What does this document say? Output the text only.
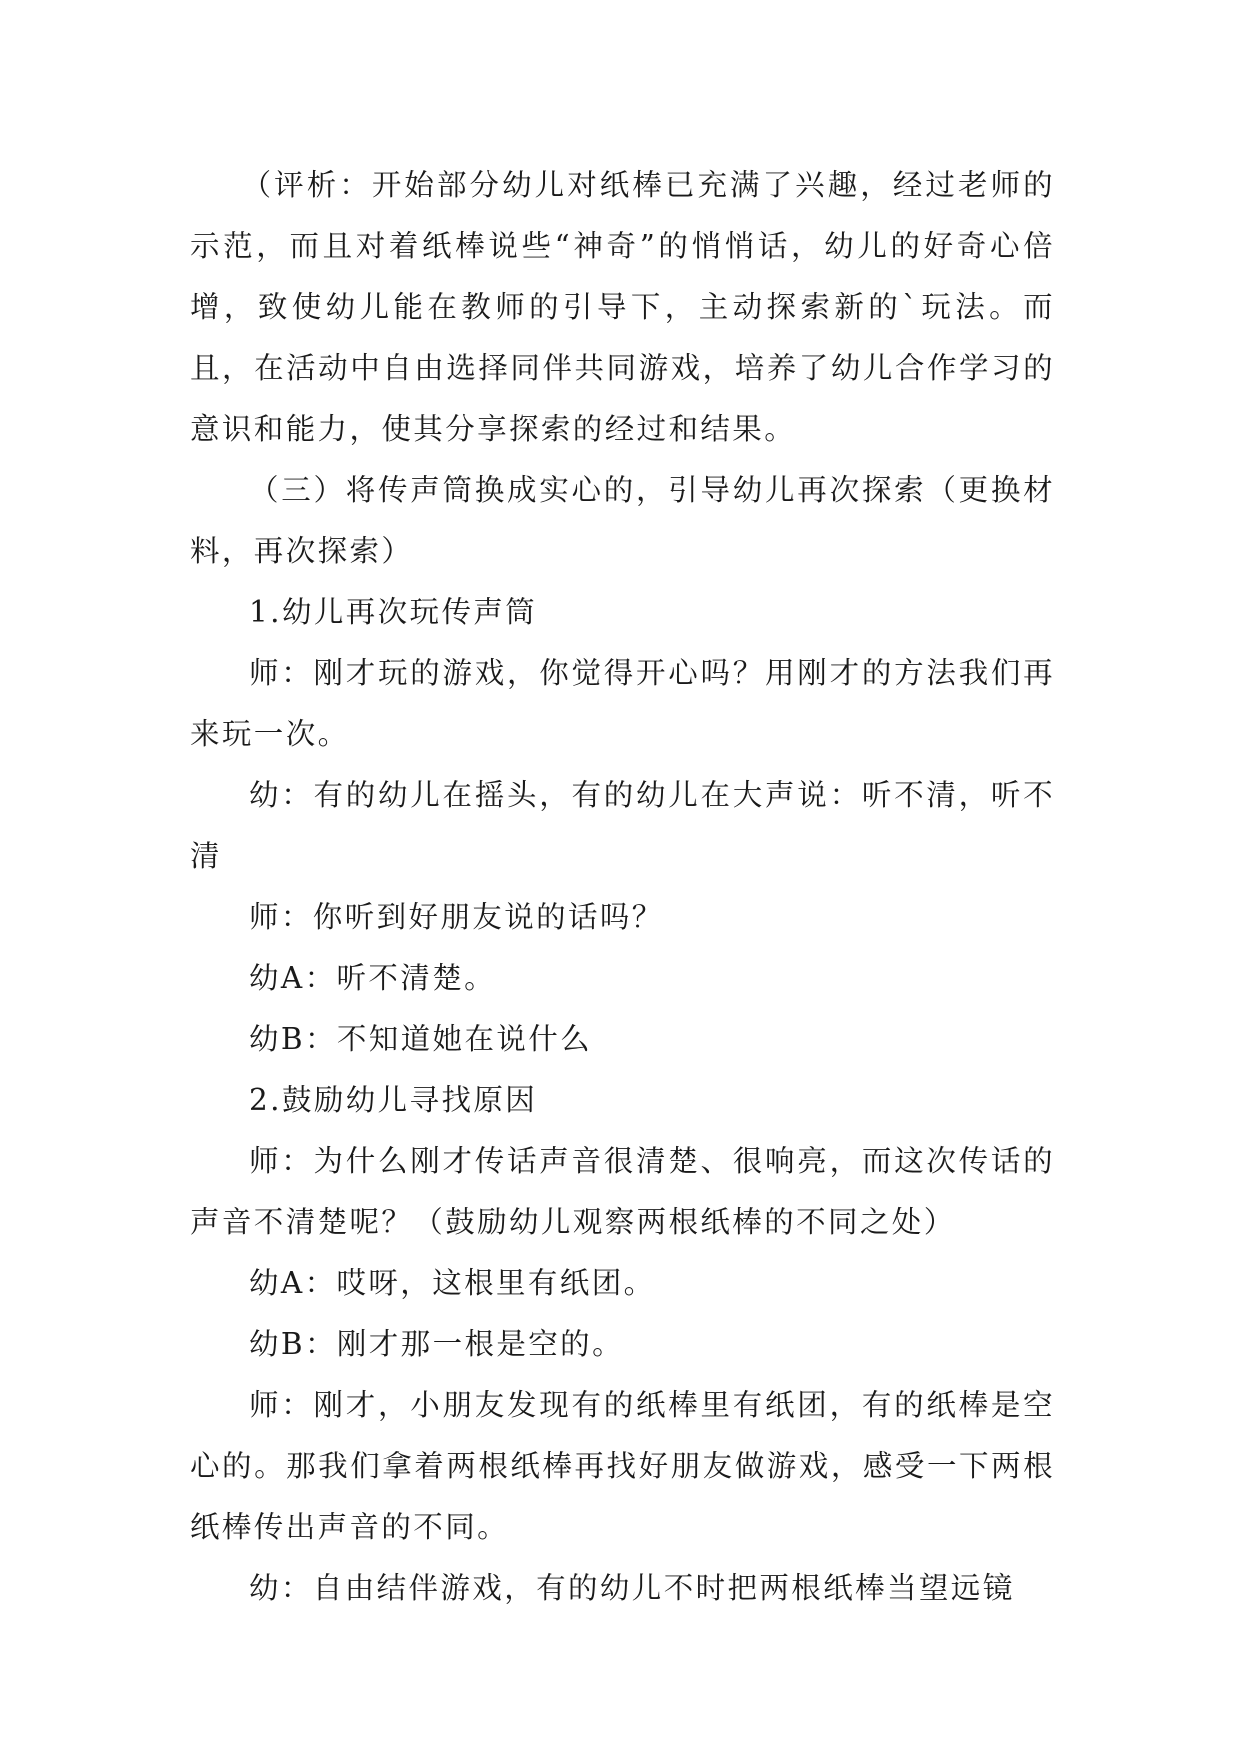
（评析：开始部分幼儿对纸棒已充满了兴趣，经过老师的示范，而且对着纸棒说些“神奇”的悄悄话，幼儿的好奇心倍增，致使幼儿能在教师的引导下，主动探索新的`玩法。而且，在活动中自由选择同伴共同游戏，培养了幼儿合作学习的意识和能力，使其分享探索的经过和结果。

（三）将传声筒换成实心的，引导幼儿再次探索（更换材料，再次探索）

1.幼儿再次玩传声筒

师：刚才玩的游戏，你觉得开心吗？用刚才的方法我们再来玩一次。

幼：有的幼儿在摇头，有的幼儿在大声说：听不清，听不清

师：你听到好朋友说的话吗？

幼A：听不清楚。

幼B：不知道她在说什么

2.鼓励幼儿寻找原因

师：为什么刚才传话声音很清楚、很响亮，而这次传话的声音不清楚呢？（鼓励幼儿观察两根纸棒的不同之处）

幼A：哎呀，这根里有纸团。

幼B：刚才那一根是空的。

师：刚才，小朋友发现有的纸棒里有纸团，有的纸棒是空心的。那我们拿着两根纸棒再找好朋友做游戏，感受一下两根纸棒传出声音的不同。

幼：自由结伴游戏，有的幼儿不时把两根纸棒当望远镜
